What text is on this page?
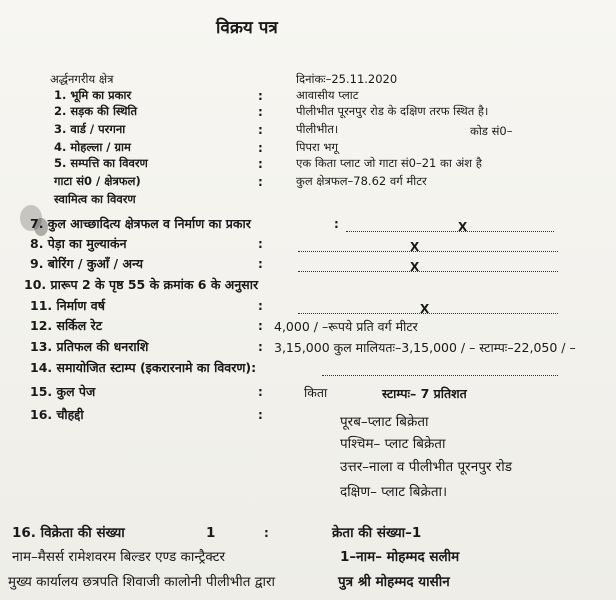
विक्रय पत्र
अर्द्धनगरीय क्षेत्र	दिनांकः–25.11.2020
1. भूमि का प्रकार	:	आवासीय प्लाट
2. सड़क की स्थिति	:	पीलीभीत पूरनपुर रोड के दक्षिण तरफ स्थित है।
3. वार्ड / परगना	:	पीलीभीत।	कोड सं0–
4. मोहल्ला / ग्राम	:	पिपरा भगू
5. सम्पत्ति का विवरण	:	एक किता प्लाट जो गाटा सं0–21 का अंश है
गाटा सं0 / क्षेत्रफल)	:	कुल क्षेत्रफल–78.62 वर्ग मीटर
स्वामित्व का विवरण
7. कुल आच्छादित्य क्षेत्रफल व निर्माण का प्रकार	:	X
8. पेड़ा का मुल्याकंन	:	X
9. बोरिंग / कुआँ / अन्य	:	X
10. प्रारूप 2 के पृष्ठ 55 के क्रमांक 6 के अनुसार
11. निर्माण वर्ष	:	X
12. सर्किल रेट	: 4,000 / –रूपये प्रति वर्ग मीटर
13. प्रतिफल की धनराशि	: 3,15,000 कुल मालियतः–3,15,000 / – स्टाम्पः–22,050 / –
14. समायोजित स्टाम्प (इकरारनामे का विवरण):
15. कुल पेज	:	किता	स्टाम्पः– 7 प्रतिशत
16. चौहद्दी	:	पूरब–प्लाट बिक्रेता
पश्चिम– प्लाट बिक्रेता
उत्तर–नाला व पीलीभीत पूरनपुर रोड
दक्षिण– प्लाट बिक्रेता।
16. विक्रेता की संख्या	1	:	क्रेता की संख्या–1
नाम–मैसर्स रामेशवरम बिल्डर एण्ड कान्ट्रैक्टर	1–नाम– मोहम्मद सलीम
मुख्य कार्यालय छत्रपति शिवाजी कालोनी पीलीभीत द्वारा	पुत्र श्री मोहम्मद यासीन
